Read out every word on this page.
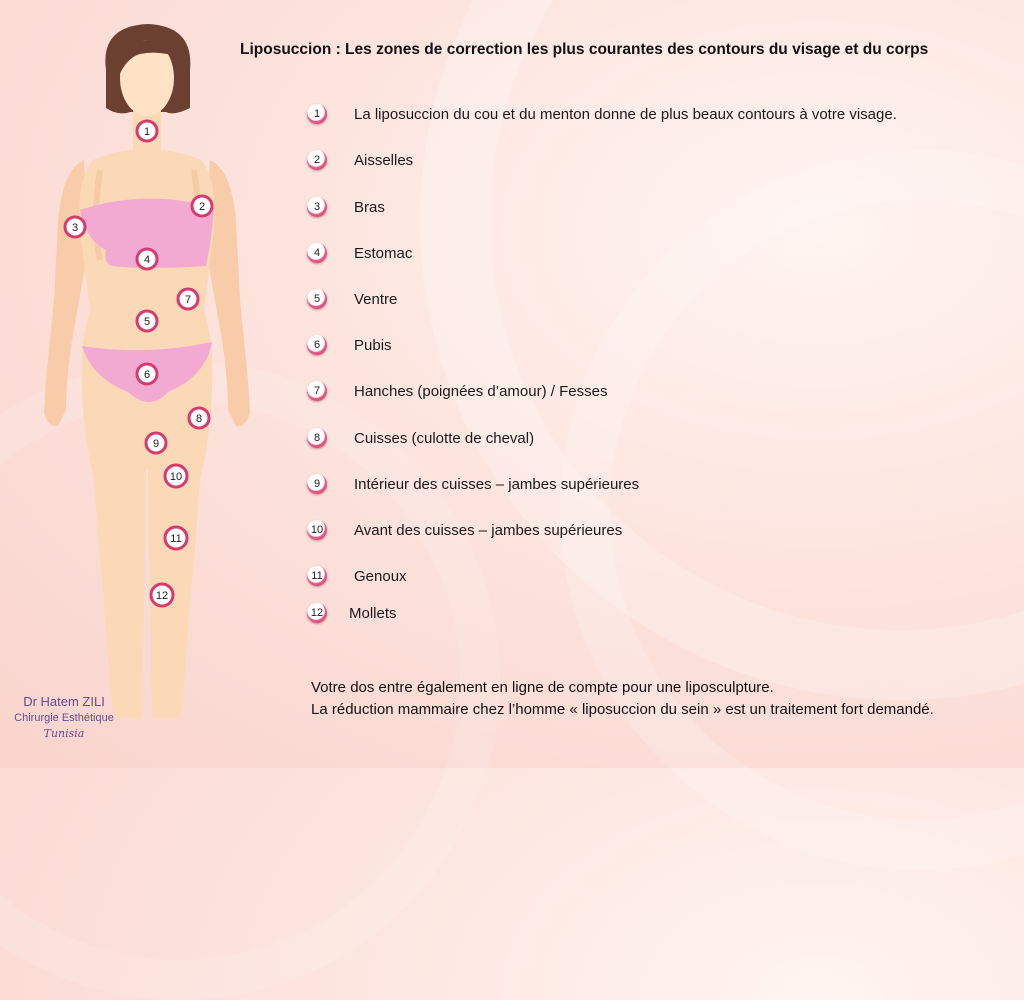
Liposuccion : Les zones de correction les plus courantes des contours du visage et du corps
1
2
3
4
7
5
6
8
9
10
11
12
1	La liposuccion du cou et du menton donne de plus beaux contours à votre visage.
2	Aisselles
3	Bras
4	Estomac
5	Ventre
6	Pubis
7	Hanches (poignées d’amour) / Fesses
8	Cuisses (culotte de cheval)
9	Intérieur des cuisses – jambes supérieures
10 Avant des cuisses – jambes supérieures
11 Genoux
12 Mollets
Votre dos entre également en ligne de compte pour une liposculpture.
La réduction mammaire chez l’homme « liposuccion du sein » est un traitement fort demandé.
Dr Hatem ZILI
Chirurgie Esthétique
Tunisia
